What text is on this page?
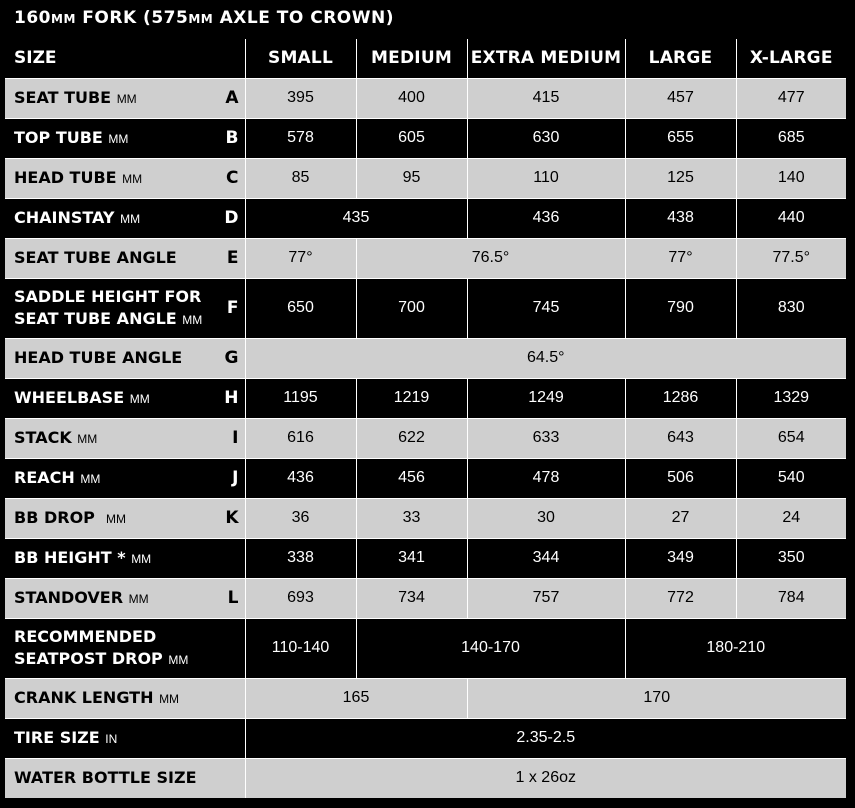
160MM FORK (575MM AXLE TO CROWN)
SIZE	SMALL	MEDIUM	EXTRA MEDIUM	LARGE	X-LARGE

SEAT TUBE MM A	395	400	415	457	477

TOP TUBE MM B	578	605	630	655	685

HEAD TUBE MM C	85	95	110	125	140

CHAINSTAY MM D	435		436	438	440

SEAT TUBE ANGLE E	77°	76.5°		77°	77.5°

SADDLE HEIGHT FOR
SEAT TUBE ANGLE MM
F	650	700	745	790	830

HEAD TUBE ANGLE G	64.5°				

WHEELBASE MM H	1195	1219	1249	1286	1329

STACK MM I	616	622	633	643	654

REACH MM J	436	456	478	506	540

BB DROP MM K	36	33	30	27	24

BB HEIGHT * MM	338	341	344	349	350

STANDOVER MM L	693	734	757	772	784

RECOMMENDED
SEATPOST DROP MM	110-140	140-170		180-210	

CRANK LENGTH MM	165		170		

TIRE SIZE IN	2.35-2.5				

WATER BOTTLE SIZE	1 x 26oz				
